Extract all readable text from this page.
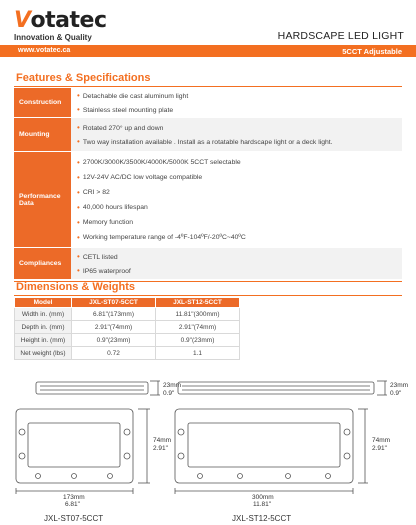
Votatec
Innovation & Quality	HARDSCAPE LED LIGHT
www.votatec.ca	5CCT Adjustable
Features & Specifications
Construction
• Detachable die cast aluminum light
• Stainless steel mounting plate
Mounting
• Rotated 270° up and down
• Two way installation available . Install as a rotatable hardscape light or a deck light.
Performance Data
• 2700K/3000K/3500K/4000K/5000K 5CCT selectable
• 12V-24V AC/DC low voltage compatible
• CRI > 82
• 40,000 hours lifespan
• Memory function
• Working temperature range of -4ºF-104ºF/-20ºC~40ºC
Compliances
• CETL listed
• IP65 waterproof
Dimensions & Weights
Model	JXL-ST07-5CCT	JXL-ST12-5CCT
Width in. (mm)	6.81"(173mm)	11.81"(300mm)
Depth in. (mm)	2.91"(74mm)	2.91"(74mm)
Height in. (mm)	0.9"(23mm)	0.9"(23mm)
Net weight (lbs)	0.72	1.1
23mm
0.9"
74mm
2.91"
173mm
6.81"
23mm
0.9"
74mm
2.91"
300mm
11.81"
JXL-ST07-5CCT	JXL-ST12-5CCT
